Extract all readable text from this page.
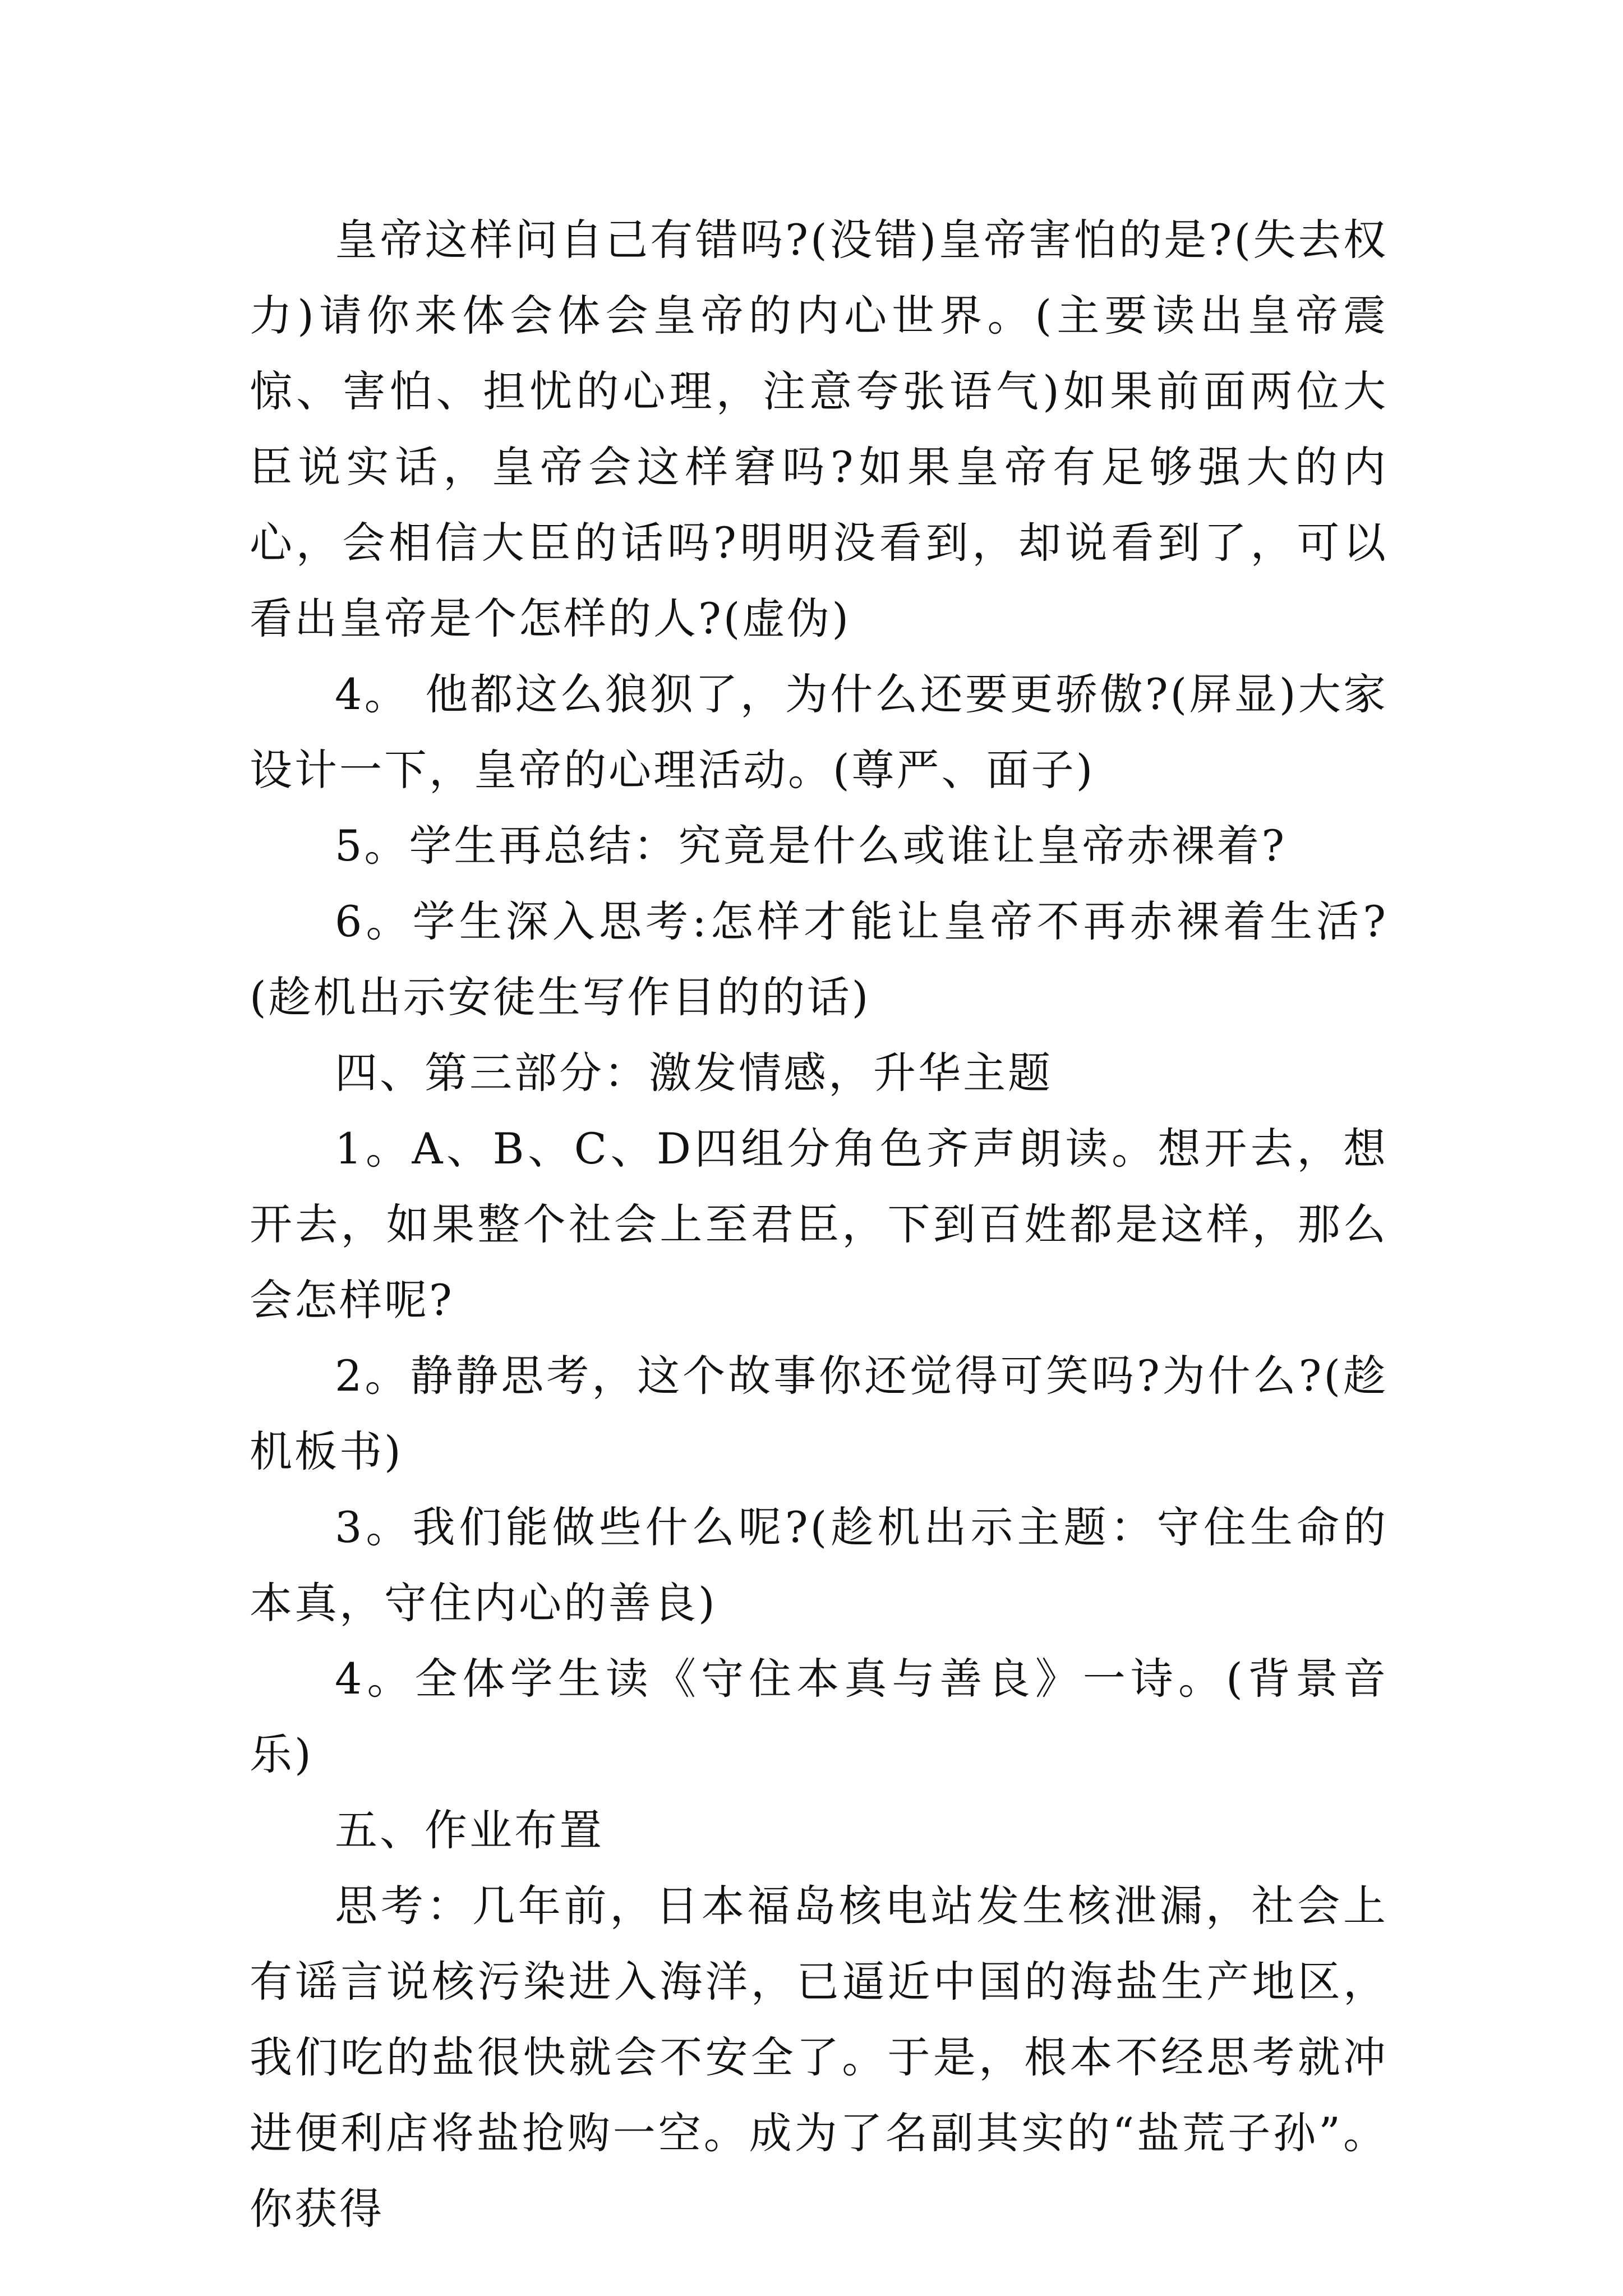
皇帝这样问自己有错吗?(没错)皇帝害怕的是?(失去权力)请你来体会体会皇帝的内心世界。(主要读出皇帝震惊、害怕、担忧的心理，注意夸张语气)如果前面两位大臣说实话，皇帝会这样窘吗?如果皇帝有足够强大的内心，会相信大臣的话吗?明明没看到，却说看到了，可以看出皇帝是个怎样的人?(虚伪)

4。 他都这么狼狈了，为什么还要更骄傲?(屏显)大家设计一下，皇帝的心理活动。(尊严、面子)

5。学生再总结：究竟是什么或谁让皇帝赤裸着?

6。学生深入思考:怎样才能让皇帝不再赤裸着生活?(趁机出示安徒生写作目的的话)

四、第三部分：激发情感，升华主题

1。A、B、C、D四组分角色齐声朗读。想开去，想开去，如果整个社会上至君臣，下到百姓都是这样，那么会怎样呢?

2。静静思考，这个故事你还觉得可笑吗?为什么?(趁机板书)

3。我们能做些什么呢?(趁机出示主题：守住生命的本真，守住内心的善良)

4。全体学生读《守住本真与善良》一诗。(背景音乐)

五、作业布置

思考：几年前，日本福岛核电站发生核泄漏，社会上有谣言说核污染进入海洋，已逼近中国的海盐生产地区，我们吃的盐很快就会不安全了。于是，根本不经思考就冲进便利店将盐抢购一空。成为了名副其实的“盐荒子孙”。你获得
